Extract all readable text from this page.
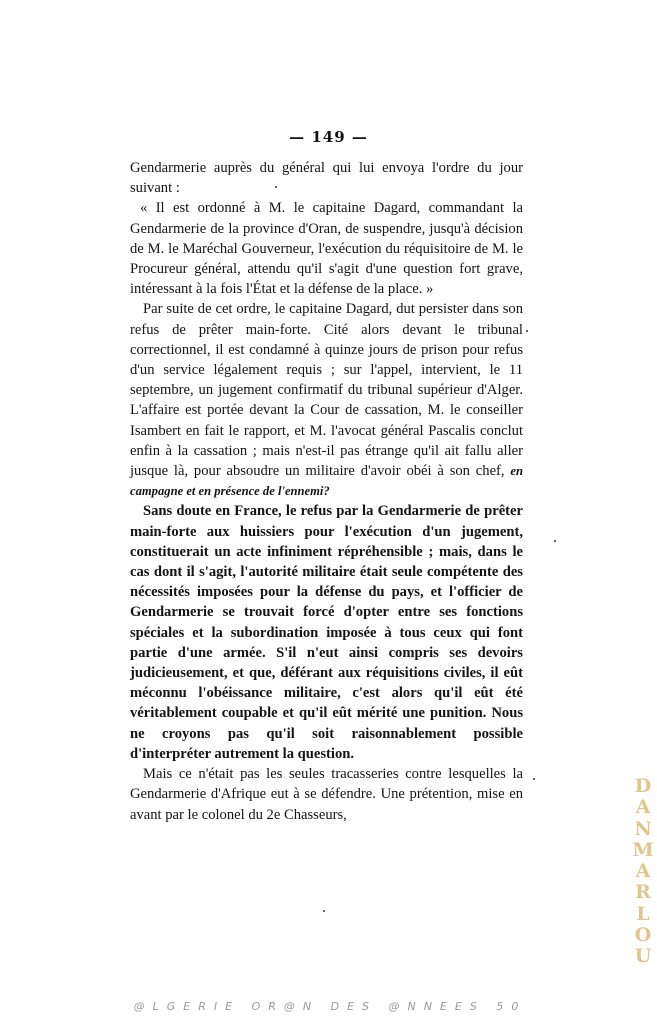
— 149 —

Gendarmerie auprès du général qui lui envoya l'ordre du jour suivant :

« Il est ordonné à M. le capitaine Dagard, commandant la Gendarmerie de la province d'Oran, de suspendre, jusqu'à décision de M. le Maréchal Gouverneur, l'exécution du réquisitoire de M. le Procureur général, attendu qu'il s'agit d'une question fort grave, intéressant à la fois l'État et la défense de la place. »

Par suite de cet ordre, le capitaine Dagard, dut persister dans son refus de prêter main-forte. Cité alors devant le tribunal correctionnel, il est condamné à quinze jours de prison pour refus d'un service légalement requis ; sur l'appel, intervient, le 11 septembre, un jugement confirmatif du tribunal supérieur d'Alger. L'affaire est portée devant la Cour de cassation, M. le conseiller Isambert en fait le rapport, et M. l'avocat général Pascalis conclut enfin à la cassation ; mais n'est-il pas étrange qu'il ait fallu aller jusque là, pour absoudre un militaire d'avoir obéi à son chef, en campagne et en présence de l'ennemi?

Sans doute en France, le refus par la Gendarmerie de prêter main-forte aux huissiers pour l'exécution d'un jugement, constituerait un acte infiniment répréhensible ; mais, dans le cas dont il s'agit, l'autorité militaire était seule compétente des nécessités imposées pour la défense du pays, et l'officier de Gendarmerie se trouvait forcé d'opter entre ses fonctions spéciales et la subordination imposée à tous ceux qui font partie d'une armée. S'il n'eut ainsi compris ses devoirs judicieusement, et que, déférant aux réquisitions civiles, il eût méconnu l'obéissance militaire, c'est alors qu'il eût été véritablement coupable et qu'il eût mérité une punition. Nous ne croyons pas qu'il soit raisonnablement possible d'interpréter autrement la question.

Mais ce n'était pas les seules tracasseries contre lesquelles la Gendarmerie d'Afrique eut à se défendre. Une prétention, mise en avant par le colonel du 2e Chasseurs,

D
A
N
M
A
R
L
O
U
@LGERIE OR@N DES @NNEES 50
